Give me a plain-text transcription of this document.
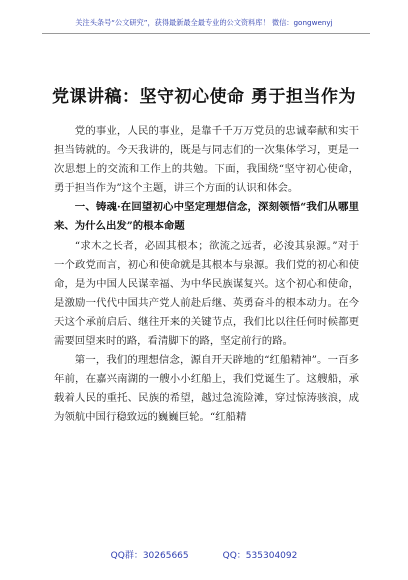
关注头条号“公文研究”，获得最新最全最专业的公文资料库！ 微信：gongwenyj
党课讲稿：坚守初心使命 勇于担当作为

党的事业，人民的事业，是靠千千万万党员的忠诚奉献和实干担当铸就的。今天我讲的，既是与同志们的一次集体学习，更是一次思想上的交流和工作上的共勉。下面，我围绕“坚守初心使命，勇于担当作为”这个主题，讲三个方面的认识和体会。

一、铸魂·在回望初心中坚定理想信念，深刻领悟“我们从哪里来、为什么出发”的根本命题

“求木之长者，必固其根本；欲流之远者，必浚其泉源。”对于一个政党而言，初心和使命就是其根本与泉源。我们党的初心和使命，是为中国人民谋幸福、为中华民族谋复兴。这个初心和使命，是激励一代代中国共产党人前赴后继、英勇奋斗的根本动力。在今天这个承前启后、继往开来的关键节点，我们比以往任何时候都更需要回望来时的路，看清脚下的路，坚定前行的路。

第一，我们的理想信念，源自开天辟地的“红船精神”。一百多年前，在嘉兴南湖的一艘小小红船上，我们党诞生了。这艘船，承载着人民的重托、民族的希望，越过急流险滩，穿过惊涛骇浪，成为领航中国行稳致远的巍巍巨轮。“红船精

QQ群：30265665	QQ：535304092
